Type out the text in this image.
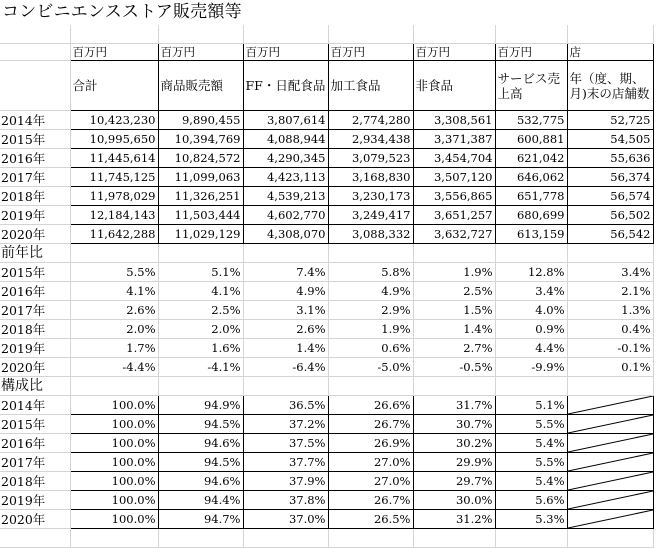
コンビニエンスストア販売額等

	百万円	百万円	百万円	百万円	百万円	百万円	店
	合計	商品販売額	FF・日配食品	加工食品	非食品	サービス売上高	年（度、期、月)末の店舗数
2014年	10,423,230	9,890,455	3,807,614	2,774,280	3,308,561	532,775	52,725
2015年	10,995,650	10,394,769	4,088,944	2,934,438	3,371,387	600,881	54,505
2016年	11,445,614	10,824,572	4,290,345	3,079,523	3,454,704	621,042	55,636
2017年	11,745,125	11,099,063	4,423,113	3,168,830	3,507,120	646,062	56,374
2018年	11,978,029	11,326,251	4,539,213	3,230,173	3,556,865	651,778	56,574
2019年	12,184,143	11,503,444	4,602,770	3,249,417	3,651,257	680,699	56,502
2020年	11,642,288	11,029,129	4,308,070	3,088,332	3,632,727	613,159	56,542
前年比							
2015年	5.5%	5.1%	7.4%	5.8%	1.9%	12.8%	3.4%
2016年	4.1%	4.1%	4.9%	4.9%	2.5%	3.4%	2.1%
2017年	2.6%	2.5%	3.1%	2.9%	1.5%	4.0%	1.3%
2018年	2.0%	2.0%	2.6%	1.9%	1.4%	0.9%	0.4%
2019年	1.7%	1.6%	1.4%	0.6%	2.7%	4.4%	-0.1%
2020年	-4.4%	-4.1%	-6.4%	-5.0%	-0.5%	-9.9%	0.1%
構成比							
2014年	100.0%	94.9%	36.5%	26.6%	31.7%	5.1%	

2015年	100.0%	94.5%	37.2%	26.7%	30.7%	5.5%	

2016年	100.0%	94.6%	37.5%	26.9%	30.2%	5.4%	

2017年	100.0%	94.5%	37.7%	27.0%	29.9%	5.5%	

2018年	100.0%	94.6%	37.9%	27.0%	29.7%	5.4%	

2019年	100.0%	94.4%	37.8%	26.7%	30.0%	5.6%	

2020年	100.0%	94.7%	37.0%	26.5%	31.2%	5.3%	
